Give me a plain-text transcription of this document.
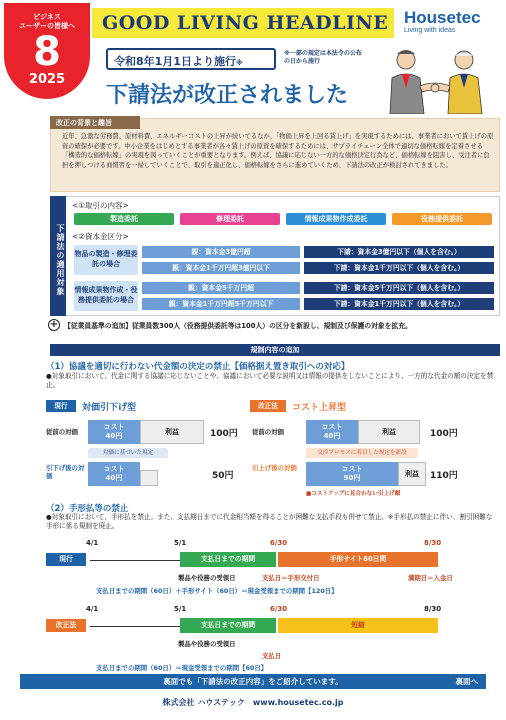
ビジネス
ユーザーの皆様へ
8
2025
GOOD LIVING HEADLINE Housetec
Living with ideas
令和8年1月1日より施行※
※一部の規定は本法令の公布の日から施行
下請法が改正されました
改正の背景と趣旨
近年、急激な労務費、原材料費、エネルギーコストの上昇が続いてるなか、「物価上昇を上回る賃上げ」を実現するためには、事業者において賃上げの原資の確保が必要です。中小企業をはじめとする事業者が各々賃上げの原資を確保するためには、サプライチェーン全体で適切な価格転嫁を定着させる「構造的な価格転嫁」の実現を図っていくことが重要となります。例えば、協議に応じない一方的な価格決定行為など、価格転嫁を阻害し、受注者に負担を押しつける商慣習を一掃していくことで、取引を適正化し、価格転嫁をさらに進めていくため、下請法の改正が検討されてきました。
下請法の適用対象
<①取引の内容>
製造委託	修理委託	情報成果物作成委託	役務提供委託
<②資本金区分>
物品の製造・修理委託の場合
親：資本金3億円超	下請：資本金3億円以下（個人を含む。）
親：資本金1千万円超3億円以下	下請：資本金1千万円以下（個人を含む。）
情報成果物作成・役務提供委託の場合
親：資本金5千万円超	下請：資本金5千万円以下（個人を含む。）
親：資本金1千万円超5千万円以下	下請：資本金1千万円以下（個人を含む。）
+ 【従業員基準の追加】従業員数300人（役務提供委託等は100人）の区分を新設し、規制及び保護の対象を拡充。
規制内容の追加
（1）協議を適切に行わない代金額の決定の禁止【価格据え置き取引への対応】
●対象取引において、代金に関する協議に応じないことや、協議において必要な説明又は情報の提供をしないことにより、一方的な代金の額の決定を禁止。
現行	対価引下げ型
従前の対価
コスト
40円	利益	100円
対価に基づいた規定
引下げ後の対価
コスト
40円	50円
改正法	コスト上昇型
従前の対価
コスト
40円	利益	100円
交渉プロセスに着目した規定を新設
引上げ後の対価	コスト
90円	利益	110円
■コストアップに見合わない引上げ額
（2）手形払等の禁止
●対象取引において、手形払を禁止。また、支払期日までに代金相当額を得ることが困難な支払手段も併せて禁止。※手形払の禁止に伴い、割引困難な手形に係る規制を廃止。
4/1	5/1	6/30	8/30
現行	支払日までの期間	手形サイト60日間
製品や役務の受領日	支払日＝手形交付日	満期日＝入金日
支払日までの期間（60日）＋手形サイト（60日）＝現金受領までの期間【120日】
4/1	5/1	6/30	8/30
改正法	支払日までの期間	短縮
製品や役務の受領日
支払日
支払日までの期間（60日）＝現金受領までの期間【60日】
裏面でも「下請法の改正内容」をご紹介しています。	裏面へ
株式会社 ハウステック　www.housetec.co.jp
